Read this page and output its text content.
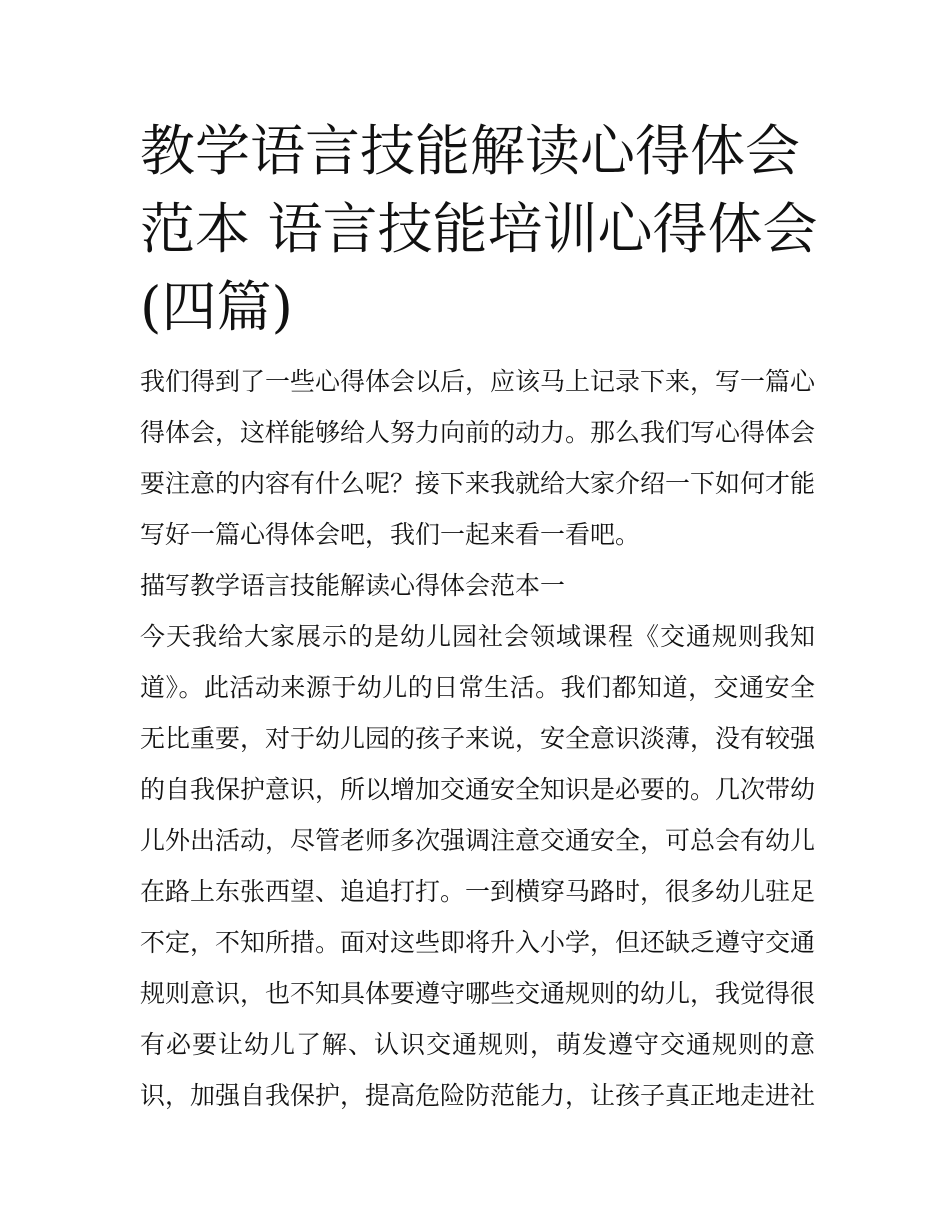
教学语言技能解读心得体会范本 语言技能培训心得体会(四篇)

我们得到了一些心得体会以后，应该马上记录下来，写一篇心得体会，这样能够给人努力向前的动力。那么我们写心得体会要注意的内容有什么呢？接下来我就给大家介绍一下如何才能写好一篇心得体会吧，我们一起来看一看吧。

描写教学语言技能解读心得体会范本一

今天我给大家展示的是幼儿园社会领域课程《交通规则我知道》。此活动来源于幼儿的日常生活。我们都知道，交通安全无比重要，对于幼儿园的孩子来说，安全意识淡薄，没有较强的自我保护意识，所以增加交通安全知识是必要的。几次带幼儿外出活动，尽管老师多次强调注意交通安全，可总会有幼儿在路上东张西望、追追打打。一到横穿马路时，很多幼儿驻足不定，不知所措。面对这些即将升入小学，但还缺乏遵守交通规则意识，也不知具体要遵守哪些交通规则的幼儿，我觉得很有必要让幼儿了解、认识交通规则，萌发遵守交通规则的意识，加强自我保护，提高危险防范能力，让孩子真正地走进社
